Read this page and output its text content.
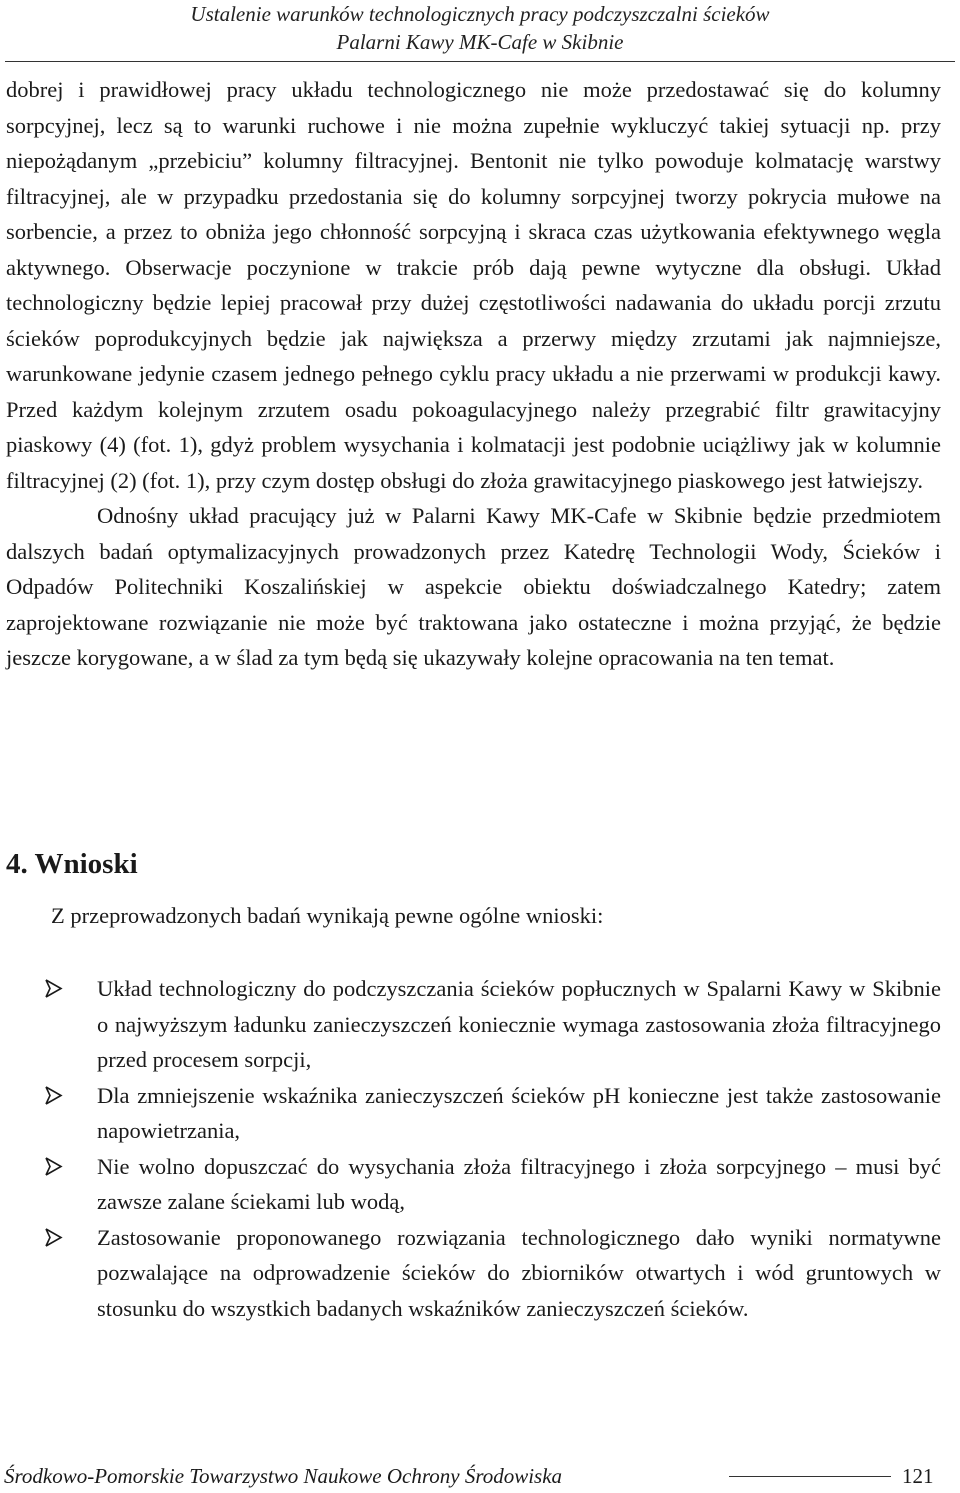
Ustalenie warunków technologicznych pracy podczyszczalni ścieków
Palarni Kawy MK-Cafe w Skibnie

dobrej i prawidłowej pracy układu technologicznego nie może przedostawać się do kolumny sorpcyjnej, lecz są to warunki ruchowe i nie można zupełnie wykluczyć takiej sytuacji np. przy niepożądanym „przebiciu” kolumny filtracyjnej. Bentonit nie tylko powoduje kolmatację warstwy filtracyjnej, ale w przypadku przedostania się do kolumny sorpcyjnej tworzy pokrycia mułowe na sorbencie, a przez to obniża jego chłonność sorpcyjną i skraca czas użytkowania efektywnego węgla aktywnego. Obserwacje poczynione w trakcie prób dają pewne wytyczne dla obsługi. Układ technologiczny będzie lepiej pracował przy dużej częstotliwości nadawania do układu porcji zrzutu ścieków poprodukcyjnych będzie jak największa a przerwy między zrzutami jak najmniejsze, warunkowane jedynie czasem jednego pełnego cyklu pracy układu a nie przerwami w produkcji kawy. Przed każdym kolejnym zrzutem osadu pokoagulacyjnego należy przegrabić filtr grawitacyjny piaskowy (4) (fot. 1), gdyż problem wysychania i kolmatacji jest podobnie uciążliwy jak w kolumnie filtracyjnej (2) (fot. 1), przy czym dostęp obsługi do złoża grawitacyjnego piaskowego jest łatwiejszy.

Odnośny układ pracujący już w Palarni Kawy MK-Cafe w Skibnie będzie przedmiotem dalszych badań optymalizacyjnych prowadzonych przez Katedrę Technologii Wody, Ścieków i Odpadów Politechniki Koszalińskiej w aspekcie obiektu doświadczalnego Katedry; zatem zaprojektowane rozwiązanie nie może być traktowana jako ostateczne i można przyjąć, że będzie jeszcze korygowane, a w ślad za tym będą się ukazywały kolejne opracowania na ten temat.

4. Wnioski
Z przeprowadzonych badań wynikają pewne ogólne wnioski:
Układ technologiczny do podczyszczania ścieków popłucznych w Spalarni Kawy w Skibnie o najwyższym ładunku zanieczyszczeń koniecznie wymaga zastosowania złoża filtracyjnego przed procesem sorpcji,
Dla zmniejszenie wskaźnika zanieczyszczeń ścieków pH konieczne jest także zastosowanie napowietrzania,
Nie wolno dopuszczać do wysychania złoża filtracyjnego i złoża sorpcyjnego – musi być zawsze zalane ściekami lub wodą,
Zastosowanie proponowanego rozwiązania technologicznego dało wyniki normatywne pozwalające na odprowadzenie ścieków do zbiorników otwartych i wód gruntowych w stosunku do wszystkich badanych wskaźników zanieczyszczeń ścieków.
Środkowo-Pomorskie Towarzystwo Naukowe Ochrony Środowiska	121
